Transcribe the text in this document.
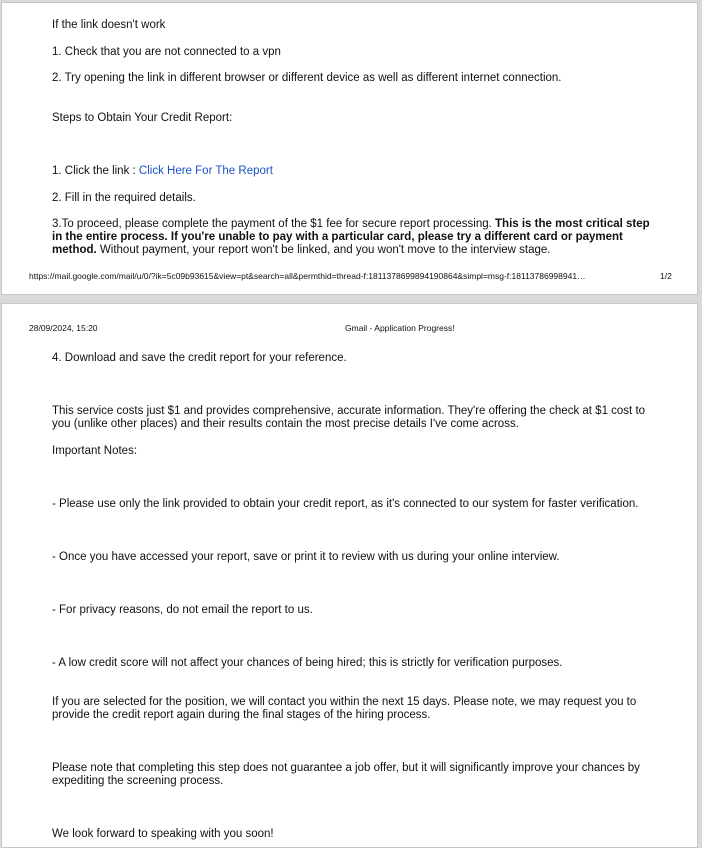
If the link doesn't work
1. Check that you are not connected to a vpn
2. Try opening the link in different browser or different device as well as different internet connection.
Steps to Obtain Your Credit Report:
1. Click the link : Click Here For The Report
2. Fill in the required details.
3.To proceed, please complete the payment of the $1 fee for secure report processing. This is the most critical step in the entire process. If you're unable to pay with a particular card, please try a different card or payment method. Without payment, your report won't be linked, and you won't move to the interview stage.
https://mail.google.com/mail/u/0/?ik=5c09b93615&view=pt&search=all&permthid=thread-f:1811378699894190864&simpl=msg-f:18113786998941…	1/2
28/09/2024, 15:20	Gmail - Application Progress!
4. Download and save the credit report for your reference.
This service costs just $1 and provides comprehensive, accurate information. They're offering the check at $1 cost to you (unlike other places) and their results contain the most precise details I've come across.
Important Notes:
- Please use only the link provided to obtain your credit report, as it's connected to our system for faster verification.
- Once you have accessed your report, save or print it to review with us during your online interview.
- For privacy reasons, do not email the report to us.
- A low credit score will not affect your chances of being hired; this is strictly for verification purposes.
If you are selected for the position, we will contact you within the next 15 days. Please note, we may request you to provide the credit report again during the final stages of the hiring process.
Please note that completing this step does not guarantee a job offer, but it will significantly improve your chances by expediting the screening process.
We look forward to speaking with you soon!
